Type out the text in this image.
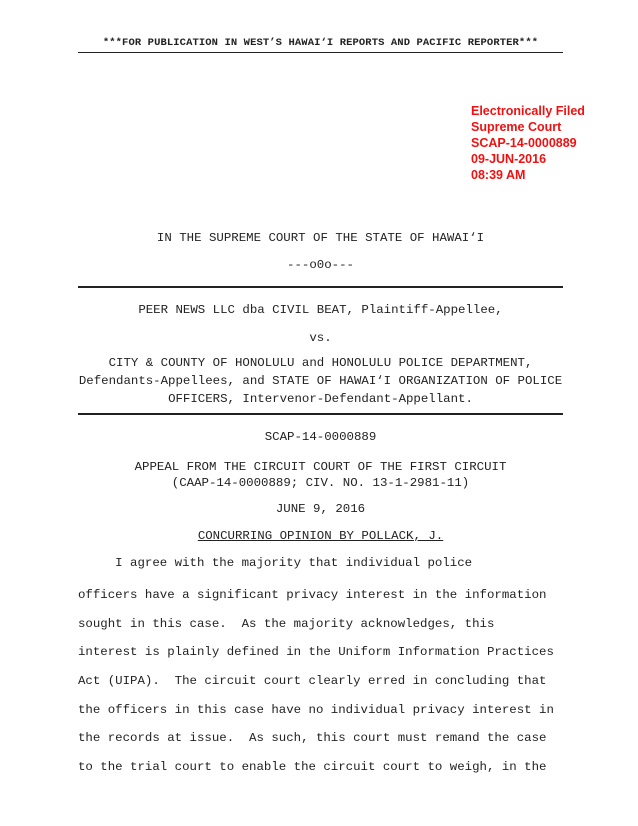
***FOR PUBLICATION IN WEST’S HAWAI‘I REPORTS AND PACIFIC REPORTER***
Electronically Filed
Supreme Court
SCAP-14-0000889
09-JUN-2016
08:39 AM
IN THE SUPREME COURT OF THE STATE OF HAWAI‘I
---o0o---
PEER NEWS LLC dba CIVIL BEAT, Plaintiff-Appellee,
vs.
CITY & COUNTY OF HONOLULU and HONOLULU POLICE DEPARTMENT,
Defendants-Appellees, and STATE OF HAWAI‘I ORGANIZATION OF POLICE
OFFICERS, Intervenor-Defendant-Appellant.
SCAP-14-0000889
APPEAL FROM THE CIRCUIT COURT OF THE FIRST CIRCUIT
(CAAP-14-0000889; CIV. NO. 13-1-2981-11)
JUNE 9, 2016
CONCURRING OPINION BY POLLACK, J.
I agree with the majority that individual police
officers have a significant privacy interest in the information
sought in this case.  As the majority acknowledges, this
interest is plainly defined in the Uniform Information Practices
Act (UIPA).  The circuit court clearly erred in concluding that
the officers in this case have no individual privacy interest in
the records at issue.  As such, this court must remand the case
to the trial court to enable the circuit court to weigh, in the
